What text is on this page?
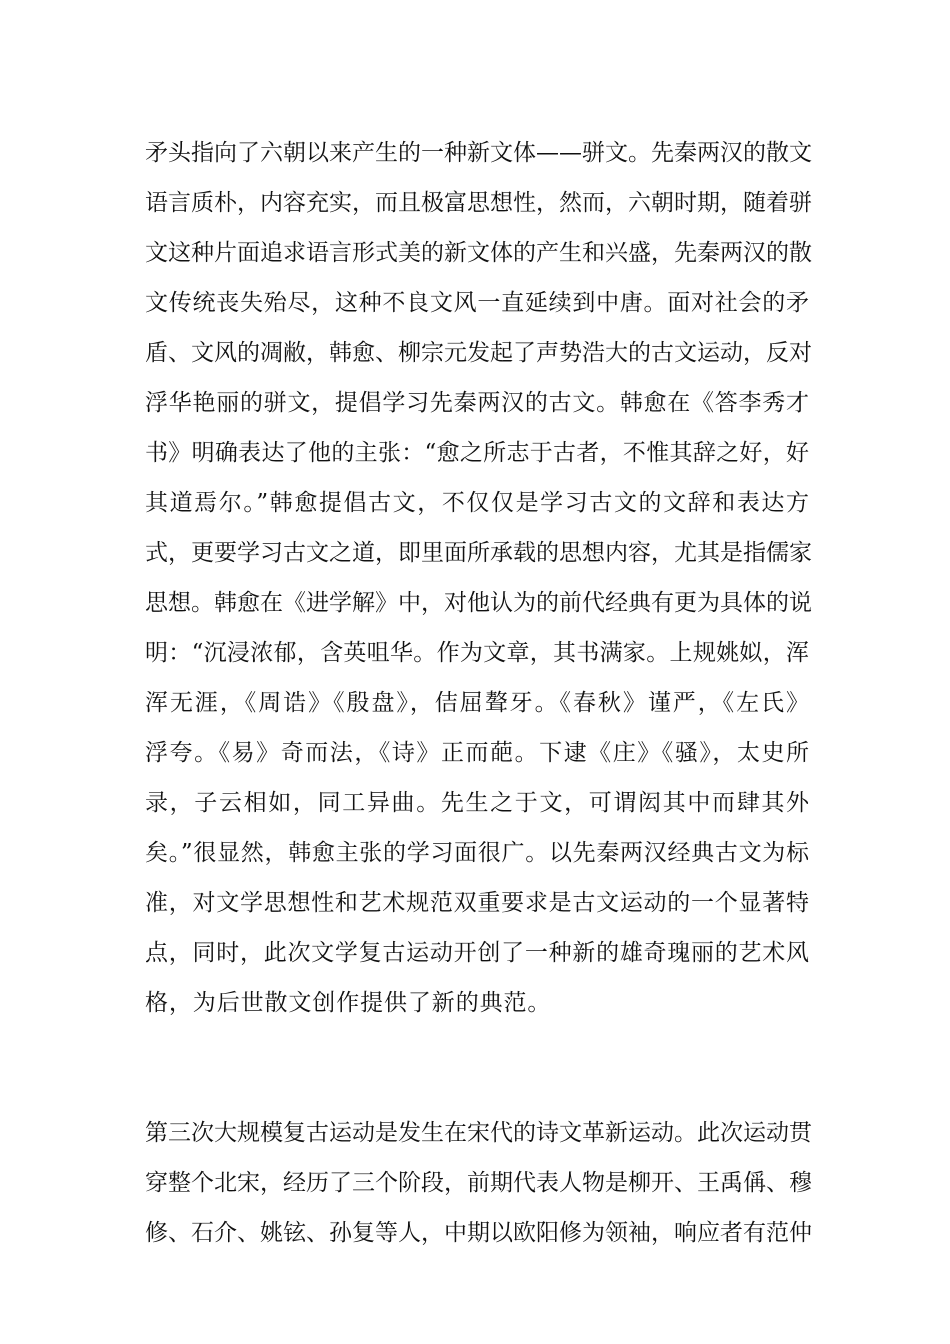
矛头指向了六朝以来产生的一种新文体——骈文。先秦两汉的散文
语言质朴，内容充实，而且极富思想性，然而，六朝时期，随着骈
文这种片面追求语言形式美的新文体的产生和兴盛，先秦两汉的散
文传统丧失殆尽，这种不良文风一直延续到中唐。面对社会的矛
盾、文风的凋敝，韩愈、柳宗元发起了声势浩大的古文运动，反对
浮华艳丽的骈文，提倡学习先秦两汉的古文。韩愈在《答李秀才
书》明确表达了他的主张：“愈之所志于古者，不惟其辞之好，好
其道焉尔。”韩愈提倡古文，不仅仅是学习古文的文辞和表达方
式，更要学习古文之道，即里面所承载的思想内容，尤其是指儒家
思想。韩愈在《进学解》中，对他认为的前代经典有更为具体的说
明：“沉浸浓郁，含英咀华。作为文章，其书满家。上规姚姒，浑
浑无涯，《周诰》《殷盘》，佶屈聱牙。《春秋》谨严，《左氏》
浮夸。《易》奇而法，《诗》正而葩。下逮《庄》《骚》，太史所
录，子云相如，同工异曲。先生之于文，可谓闳其中而肆其外
矣。”很显然，韩愈主张的学习面很广。以先秦两汉经典古文为标
准，对文学思想性和艺术规范双重要求是古文运动的一个显著特
点，同时，此次文学复古运动开创了一种新的雄奇瑰丽的艺术风
格，为后世散文创作提供了新的典范。
第三次大规模复古运动是发生在宋代的诗文革新运动。此次运动贯
穿整个北宋，经历了三个阶段，前期代表人物是柳开、王禹偁、穆
修、石介、姚铉、孙复等人，中期以欧阳修为领袖，响应者有范仲
